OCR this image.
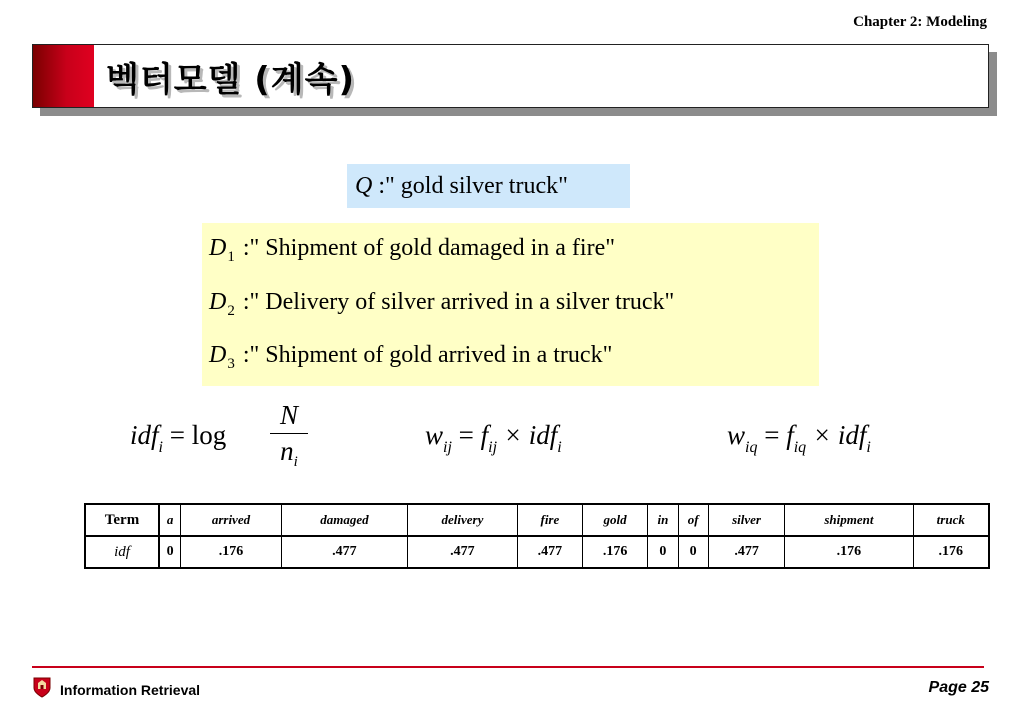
Chapter 2: Modeling
벡터모델 (계속)
Q :" gold silver truck"
$D_1$ :" Shipment of gold damaged in a fire"
$D_2$ :" Delivery of silver arrived in a silver truck"
$D_3$ :" Shipment of gold arrived in a truck"
idf$_i$ = log
N
$n_i$
$w_{ij} = f_{ij} \times idf_i$	$w_{iq} = f_{iq} \times idf_i$
Term	a	arrived	damaged	delivery	fire	gold	in	of	silver	shipment	truck
idf	0	.176	.477	.477	.477	.176	0	0	.477	.176	.176
Information Retrieval	Page 25
